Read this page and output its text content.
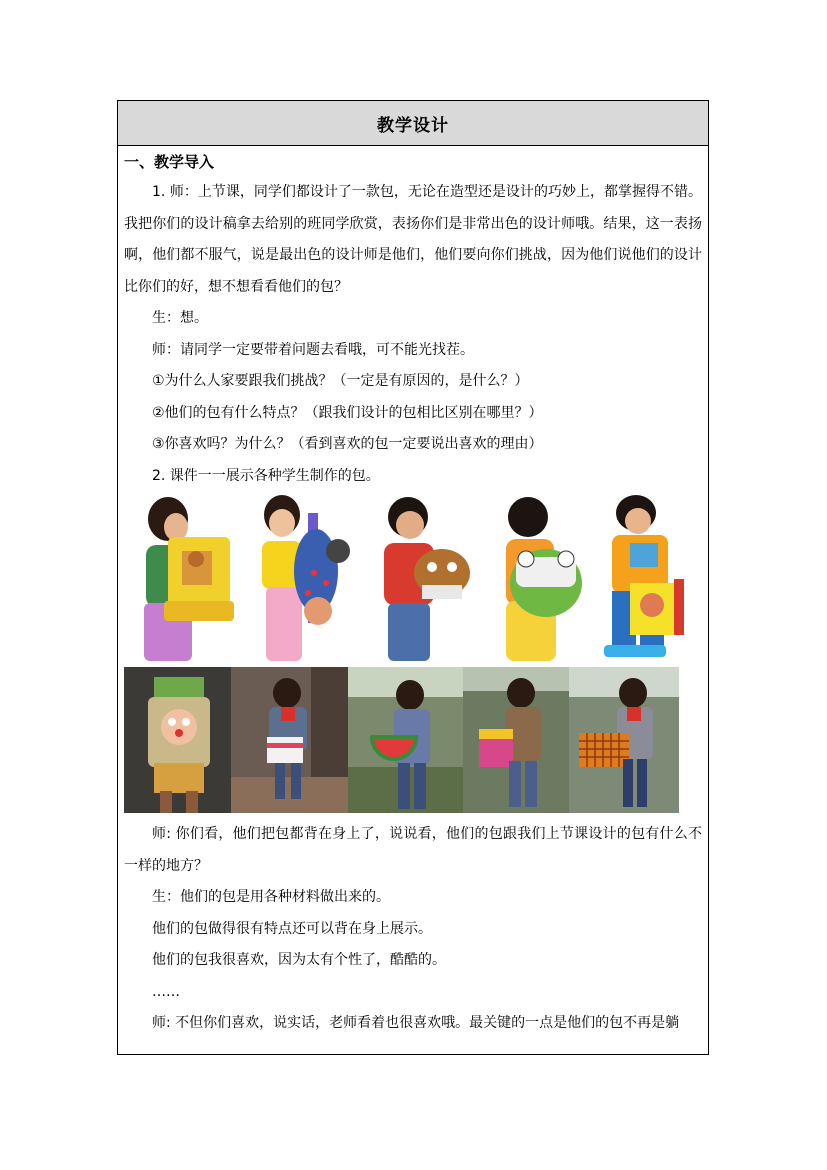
教学设计
一、教学导入

1. 师：上节课，同学们都设计了一款包，无论在造型还是设计的巧妙上，都掌握得不错。我把你们的设计稿拿去给别的班同学欣赏，表扬你们是非常出色的设计师哦。结果，这一表扬啊，他们都不服气，说是最出色的设计师是他们，他们要向你们挑战，因为他们说他们的设计比你们的好，想不想看看他们的包？

生：想。

师：请同学一定要带着问题去看哦，可不能光找茬。

①为什么人家要跟我们挑战？（一定是有原因的，是什么？）

②他们的包有什么特点？（跟我们设计的包相比区别在哪里？）

③你喜欢吗？为什么？（看到喜欢的包一定要说出喜欢的理由）

2. 课件一一展示各种学生制作的包。

师: 你们看，他们把包都背在身上了，说说看，他们的包跟我们上节课设计的包有什么不一样的地方？

生：他们的包是用各种材料做出来的。

他们的包做得很有特点还可以背在身上展示。

他们的包我很喜欢，因为太有个性了，酷酷的。

……

师: 不但你们喜欢，说实话，老师看着也很喜欢哦。最关键的一点是他们的包不再是躺
